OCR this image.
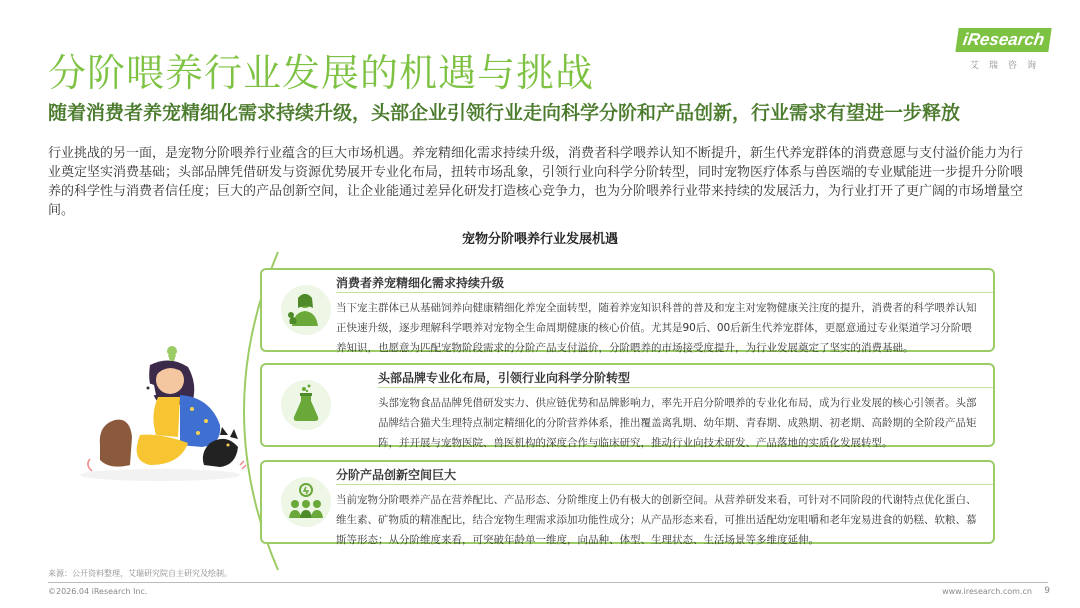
分阶喂养行业发展的机遇与挑战
随着消费者养宠精细化需求持续升级，头部企业引领行业走向科学分阶和产品创新，行业需求有望进一步释放
iResearch
艾瑞咨询

行业挑战的另一面，是宠物分阶喂养行业蕴含的巨大市场机遇。养宠精细化需求持续升级，消费者科学喂养认知不断提升，新生代养宠群体的消费意愿与支付溢价能力为行业奠定坚实消费基础；头部品牌凭借研发与资源优势展开专业化布局，扭转市场乱象，引领行业向科学分阶转型，同时宠物医疗体系与兽医端的专业赋能进一步提升分阶喂养的科学性与消费者信任度；巨大的产品创新空间，让企业能通过差异化研发打造核心竞争力，也为分阶喂养行业带来持续的发展活力，为行业打开了更广阔的市场增量空间。

宠物分阶喂养行业发展机遇
消费者养宠精细化需求持续升级
当下宠主群体已从基础饲养向健康精细化养宠全面转型，随着养宠知识科普的普及和宠主对宠物健康关注度的提升，消费者的科学喂养认知正快速升级，逐步理解科学喂养对宠物全生命周期健康的核心价值。尤其是90后、00后新生代养宠群体，更愿意通过专业渠道学习分阶喂养知识，也愿意为匹配宠物阶段需求的分阶产品支付溢价，分阶喂养的市场接受度提升，为行业发展奠定了坚实的消费基础。
头部品牌专业化布局，引领行业向科学分阶转型
头部宠物食品品牌凭借研发实力、供应链优势和品牌影响力，率先开启分阶喂养的专业化布局，成为行业发展的核心引领者。头部品牌结合猫犬生理特点制定精细化的分阶营养体系，推出覆盖离乳期、幼年期、青春期、成熟期、初老期、高龄期的全阶段产品矩阵，并开展与宠物医院、兽医机构的深度合作与临床研究，推动行业向技术研发、产品落地的实质化发展转型。
分阶产品创新空间巨大
当前宠物分阶喂养产品在营养配比、产品形态、分阶维度上仍有极大的创新空间。从营养研发来看，可针对不同阶段的代谢特点优化蛋白、维生素、矿物质的精准配比，结合宠物生理需求添加功能性成分；从产品形态来看，可推出适配幼宠咀嚼和老年宠易进食的奶糕、软粮、慕斯等形态；从分阶维度来看，可突破年龄单一维度，向品种、体型、生理状态、生活场景等多维度延伸。
来源：公开资料整理，艾瑞研究院自主研究及绘制。
©2026.04 iResearch Inc.	www.iresearch.com.cn 9
